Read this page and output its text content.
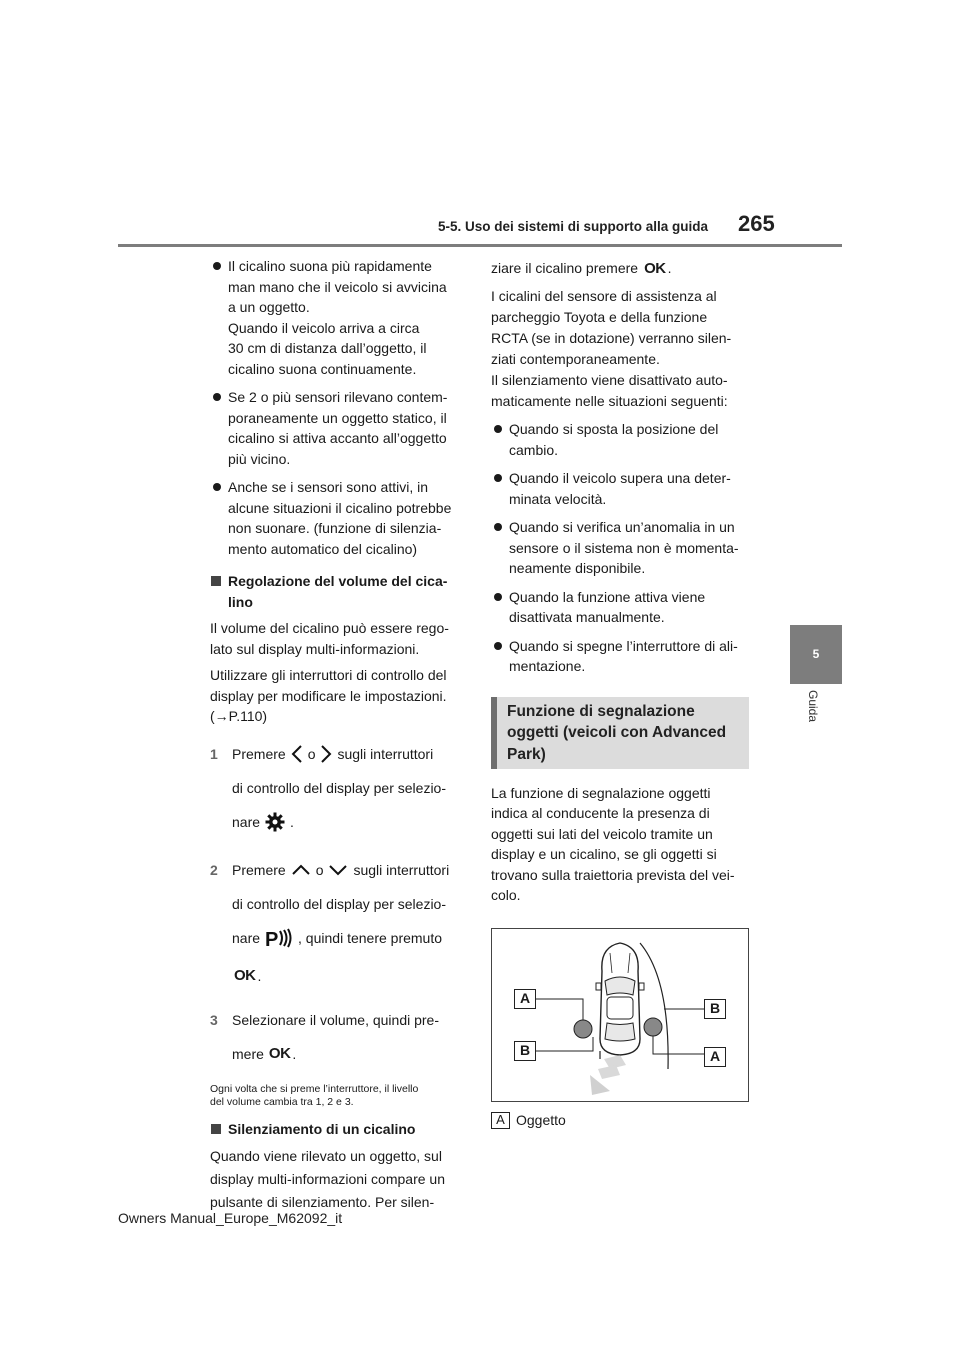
5-5. Uso dei sistemi di supporto alla guida 265
5
Guida
Il cicalino suona più rapidamente
man mano che il veicolo si avvicina
a un oggetto.
Quando il veicolo arriva a circa
30 cm di distanza dall’oggetto, il
cicalino suona continuamente.
Se 2 o più sensori rilevano contem-
poraneamente un oggetto statico, il
cicalino si attiva accanto all’oggetto
più vicino.
Anche se i sensori sono attivi, in
alcune situazioni il cicalino potrebbe
non suonare. (funzione di silenzia-
mento automatico del cicalino)
Regolazione del volume del cica-
lino
Il volume del cicalino può essere rego-
lato sul display multi-informazioni.
Utilizzare gli interruttori di controllo del
display per modificare le impostazioni.
(→P.110)
1 Premere o sugli interruttori
di controllo del display per selezio-
nare .
2 Premere o sugli interruttori
di controllo del display per selezio-
nare P , quindi tenere premuto
OK .
3 Selezionare il volume, quindi pre-
mere OK .
Ogni volta che si preme l’interruttore, il livello
del volume cambia tra 1, 2 e 3.
Silenziamento di un cicalino
Quando viene rilevato un oggetto, sul
display multi-informazioni compare un
pulsante di silenziamento. Per silen-
ziare il cicalino premere OK .
I cicalini del sensore di assistenza al
parcheggio Toyota e della funzione
RCTA (se in dotazione) verranno silen-
ziati contemporaneamente.
Il silenziamento viene disattivato auto-
maticamente nelle situazioni seguenti:
Quando si sposta la posizione del
cambio.
Quando il veicolo supera una deter-
minata velocità.
Quando si verifica un’anomalia in un
sensore o il sistema non è momenta-
neamente disponibile.
Quando la funzione attiva viene
disattivata manualmente.
Quando si spegne l’interruttore di ali-
mentazione.
Funzione di segnalazione
oggetti (veicoli con Advanced
Park)
La funzione di segnalazione oggetti
indica al conducente la presenza di
oggetti sui lati del veicolo tramite un
display e un cicalino, se gli oggetti si
trovano sulla traiettoria prevista del vei-
colo.
A
B
B
A
A Oggetto
Owners Manual_Europe_M62092_it
